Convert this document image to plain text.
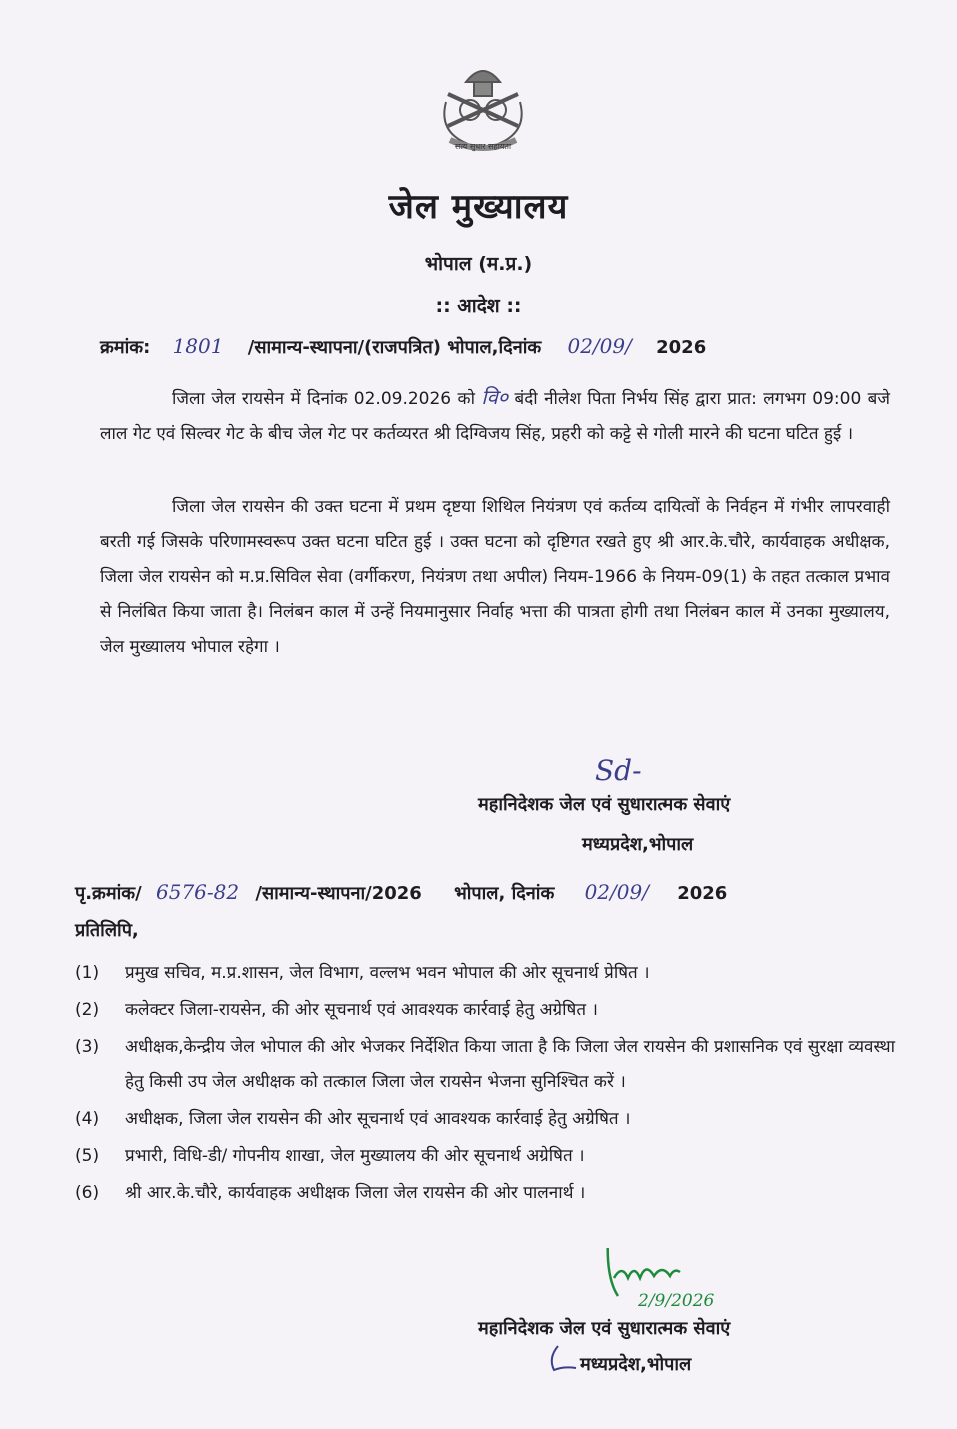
सत्य सुधार सहायता
जेल मुख्यालय
भोपाल (म.प्र.)
:: आदेश ::
क्रमांक: 1801 /सामान्य-स्थापना/(राजपत्रित) भोपाल,दिनांक 02/09/ 2026

जिला जेल रायसेन में दिनांक 02.09.2026 को वि० बंदी नीलेश पिता निर्भय सिंह द्वारा प्रात: लगभग 09:00 बजे लाल गेट एवं सिल्वर गेट के बीच जेल गेट पर कर्तव्यरत श्री दिग्विजय सिंह, प्रहरी को कट्टे से गोली मारने की घटना घटित हुई ।

जिला जेल रायसेन की उक्त घटना में प्रथम दृष्टया शिथिल नियंत्रण एवं कर्तव्य दायित्वों के निर्वहन में गंभीर लापरवाही बरती गई जिसके परिणामस्वरूप उक्त घटना घटित हुई । उक्त घटना को दृष्टिगत रखते हुए श्री आर.के.चौरे, कार्यवाहक अधीक्षक, जिला जेल रायसेन को म.प्र.सिविल सेवा (वर्गीकरण, नियंत्रण तथा अपील) नियम-1966 के नियम-09(1) के तहत तत्काल प्रभाव से निलंबित किया जाता है। निलंबन काल में उन्हें नियमानुसार निर्वाह भत्ता की पात्रता होगी तथा निलंबन काल में उनका मुख्यालय, जेल मुख्यालय भोपाल रहेगा ।

Sd-
महानिदेशक जेल एवं सुधारात्मक सेवाएं
मध्यप्रदेश,भोपाल
पृ.क्रमांक/ 6576-82 /सामान्य-स्थापना/2026 भोपाल, दिनांक 02/09/ 2026
प्रतिलिपि,
(1) प्रमुख सचिव, म.प्र.शासन, जेल विभाग, वल्लभ भवन भोपाल की ओर सूचनार्थ प्रेषित ।
(2) कलेक्टर जिला-रायसेन, की ओर सूचनार्थ एवं आवश्यक कार्रवाई हेतु अग्रेषित ।
(3) अधीक्षक,केन्द्रीय जेल भोपाल की ओर भेजकर निर्देशित किया जाता है कि जिला जेल रायसेन की प्रशासनिक एवं सुरक्षा व्यवस्था हेतु किसी उप जेल अधीक्षक को तत्काल जिला जेल रायसेन भेजना सुनिश्चित करें ।
(4) अधीक्षक, जिला जेल रायसेन की ओर सूचनार्थ एवं आवश्यक कार्रवाई हेतु अग्रेषित ।
(5) प्रभारी, विधि-डी/ गोपनीय शाखा, जेल मुख्यालय की ओर सूचनार्थ अग्रेषित ।
(6) श्री आर.के.चौरे, कार्यवाहक अधीक्षक जिला जेल रायसेन की ओर पालनार्थ ।
2/9/2026
महानिदेशक जेल एवं सुधारात्मक सेवाएं
मध्यप्रदेश,भोपाल
